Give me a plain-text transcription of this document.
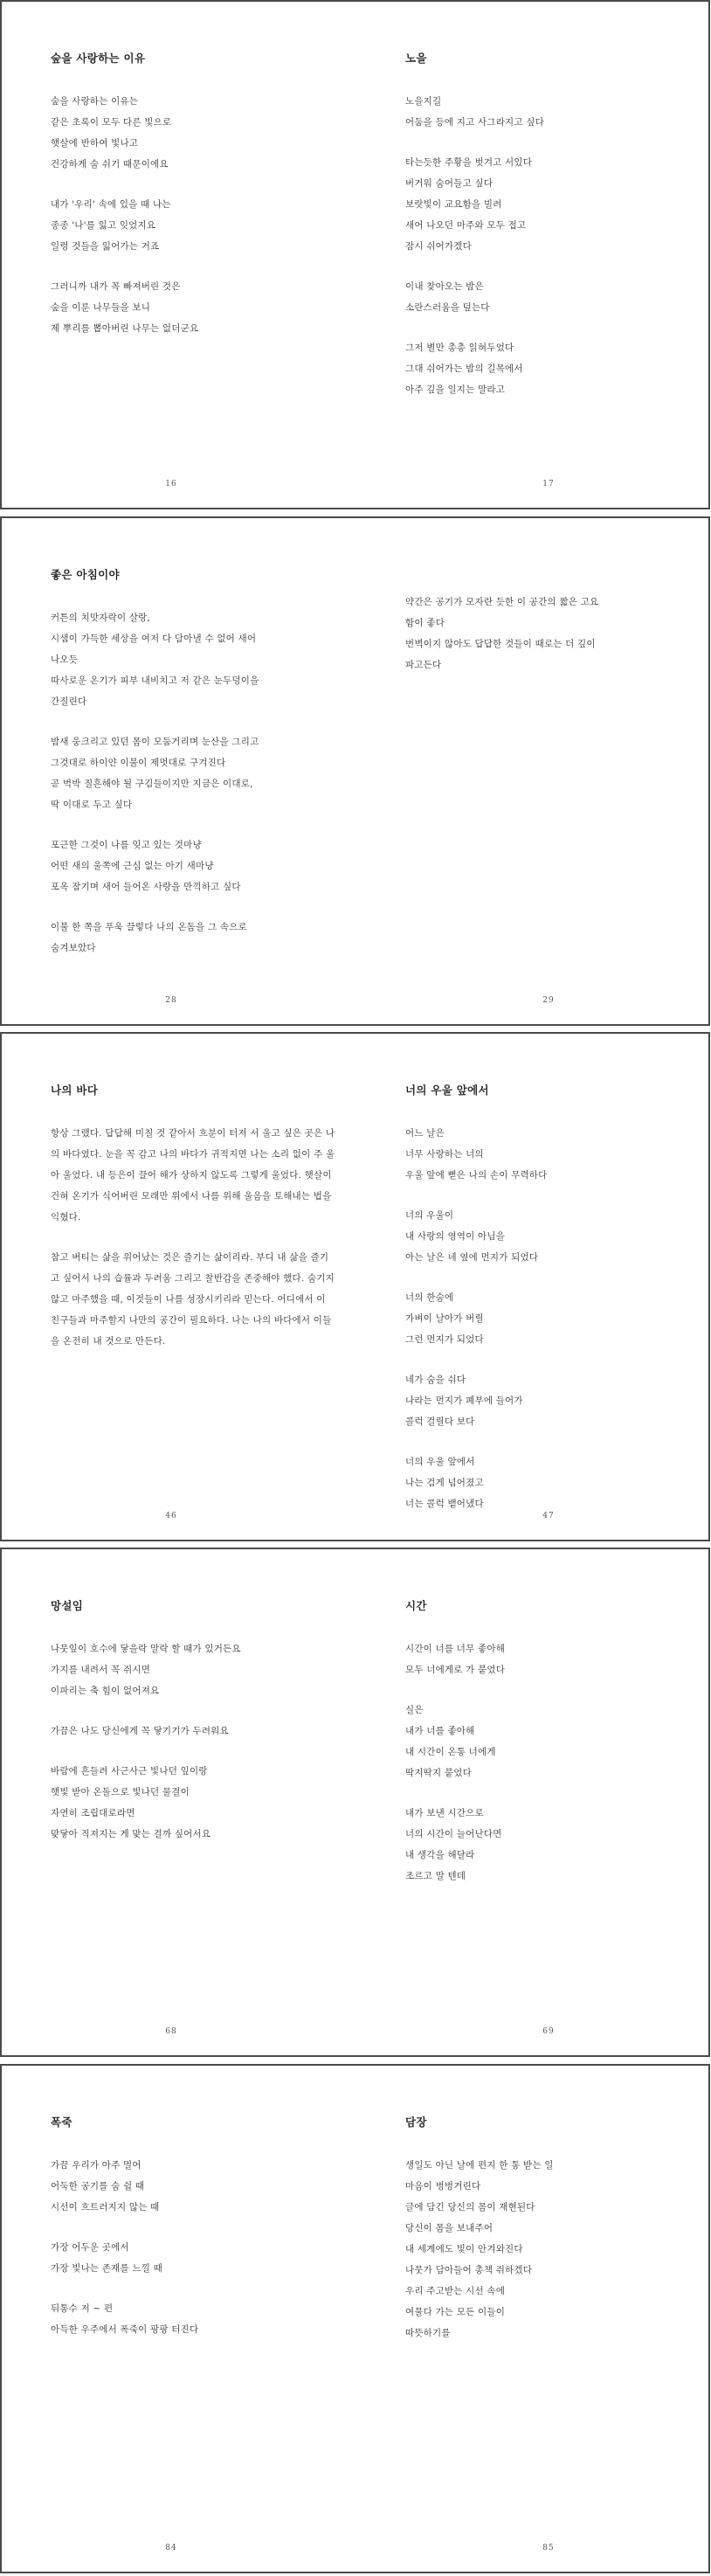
숲을 사랑하는 이유
숲을 사랑하는 이유는
같은 초록이 모두 다른 빛으로
햇살에 반하여 빛나고
건강하게 숨 쉬기 때문이에요
내가 '우리' 속에 있을 때 나는
종종 '나'를 잃고 잊었지요
일렁 것들을 잃어가는 거죠
그러니까 내가 꼭 빠져버린 것은
숲을 이룬 나무들을 보니
제 뿌리를 뽑아버린 나무는 없더군요
16
노을
노을지길
어둠을 등에 지고 사그라지고 싶다
타는듯한 주황을 벗겨고 서있다
버거워 숨어들고 싶다
보랏빛이 교요함을 빌려
새어 나오던 마주와 모두 접고
잠시 쉬어가겠다
이내 찾아오는 밤은
소란스러움을 덮는다
그저 별만 총총 읽혀두었다
그대 쉬어가는 밤의 길목에서
아주 깊을 일지는 말라고
17
좋은 아침이야
커튼의 치맛자락이 살랑,
시샘이 가득한 세상을 여저 다 담아낼 수 없어 새어
나오듯
따사로운 온기가 피부 내비치고 저 같은 눈두덩이을
간질린다
밤새 웅크리고 있던 몸이 모둠거리며 눈산을 그리고
그것대로 하이얀 이불이 제멋대로 구겨진다
곧 벅박 질흔해야 될 구김들이지만 지금은 이대로,
딱 이대로 두고 싶다
포근한 그것이 나를 잊고 있는 것마냥
어떤 새의 울쪽에 근심 없는 아기 새마냥
포옥 잠기며 새어 들어온 사랑을 만끽하고 싶다
이불 한 쪽을 푸욱 끌렇다 나의 온돔을 그 속으로
숨겨보았다
28
약간은 공기가 모자란 듯한 이 공간의 짧은 고요
함이 좋다
번벽이지 않아도 답답한 것들이 때로는 더 깊이
파고든다
29
나의 바다
항상 그랬다. 답답해 미칠 것 같아서 흐분이 터져 서 울고 싶은 곳은 나의 바다였다. 눈을 꼭 감고 나의 바다가 귀적지면 나는 소리 없이 주 울아 울었다. 내 등은이 끌어 해가 상하지 않도록 그렇게 울었다. 햇살이 건혀 온기가 식어버린 모래만 위에서 나를 위해 울음을 토해내는 법을 익혔다.
참고 버티는 삶을 위어났는 것은 즐기는 삶이리라. 부디 내 삶을 즐기고 싶어서 나의 습률과 두려움 그리고 찰반감을 존중해야 했다. 숨기지 않고 마주했을 때, 이것들이 나를 성장시키리라 믿는다. 어디에서 이 친구들과 마주할지 나만의 공간이 필요하다. 나는 나의 바다에서 이들을 온전히 내 것으로 만든다.
46
너의 우울 앞에서
어느 날은
너무 사랑하는 너의
우울 앞에 뻗은 나의 손이 무력하다
너의 우울이
내 사랑의 영역이 아님을
아는 날은 네 옆에 먼지가 되었다
너의 한숨에
가벼이 날아가 버릴
그런 먼지가 되었다
네가 숨을 쉬다
나라는 먼지가 폐부에 들어가
콜럭 걸릴다 보다
너의 우울 앞에서
나는 검게 넘어졌고
너는 콜럭 뱉어냈다
47
망설임
나뭇잎이 호수에 닿을락 말락 할 때가 있거든요
가지를 내려서 꼭 쥐시면
이파리는 축 힘이 없어져요
가끔은 나도 당신에게 꼭 닿기기가 두려워요
바람에 흔들려 사근사근 빛나던 잎이랑
햇빛 받아 온돌으로 빛나던 물결이
자연히 조립대로라면
맞닿아 직져지는 게 맞는 걸까 싶어서요
68
시간
시간이 너를 너무 좋아해
모두 너에게로 가 붙었다
실은
내가 너를 좋아해
내 시간이 온통 너에게
딱지딱지 붙었다
내가 보낸 시간으로
너의 시간이 늘어난다면
내 생각을 해달라
조르고 말 텐데
69
폭죽
가끔 우리가 아주 멀어
어둑한 공기를 숨 쉴 때
시선이 흐트러지지 않는 때
가장 어두운 곳에서
가장 빛나는 존재를 느낄 때
뒤통수 저 ~ 편
아득한 우주에서 폭죽이 팡팡 터진다
84
담장
생일도 아닌 날에 편지 한 통 받는 일
마음이 벙벙거린다
글에 담긴 당신의 몸이 재현된다
당신이 몸을 보내주어
내 세계에도 빛이 안겨와진다
나뭇가 담아들어 총책 쥐하겠다
우리 주고받는 시선 속에
여물다 가는 모든 이들이
따뜻하기를
85
